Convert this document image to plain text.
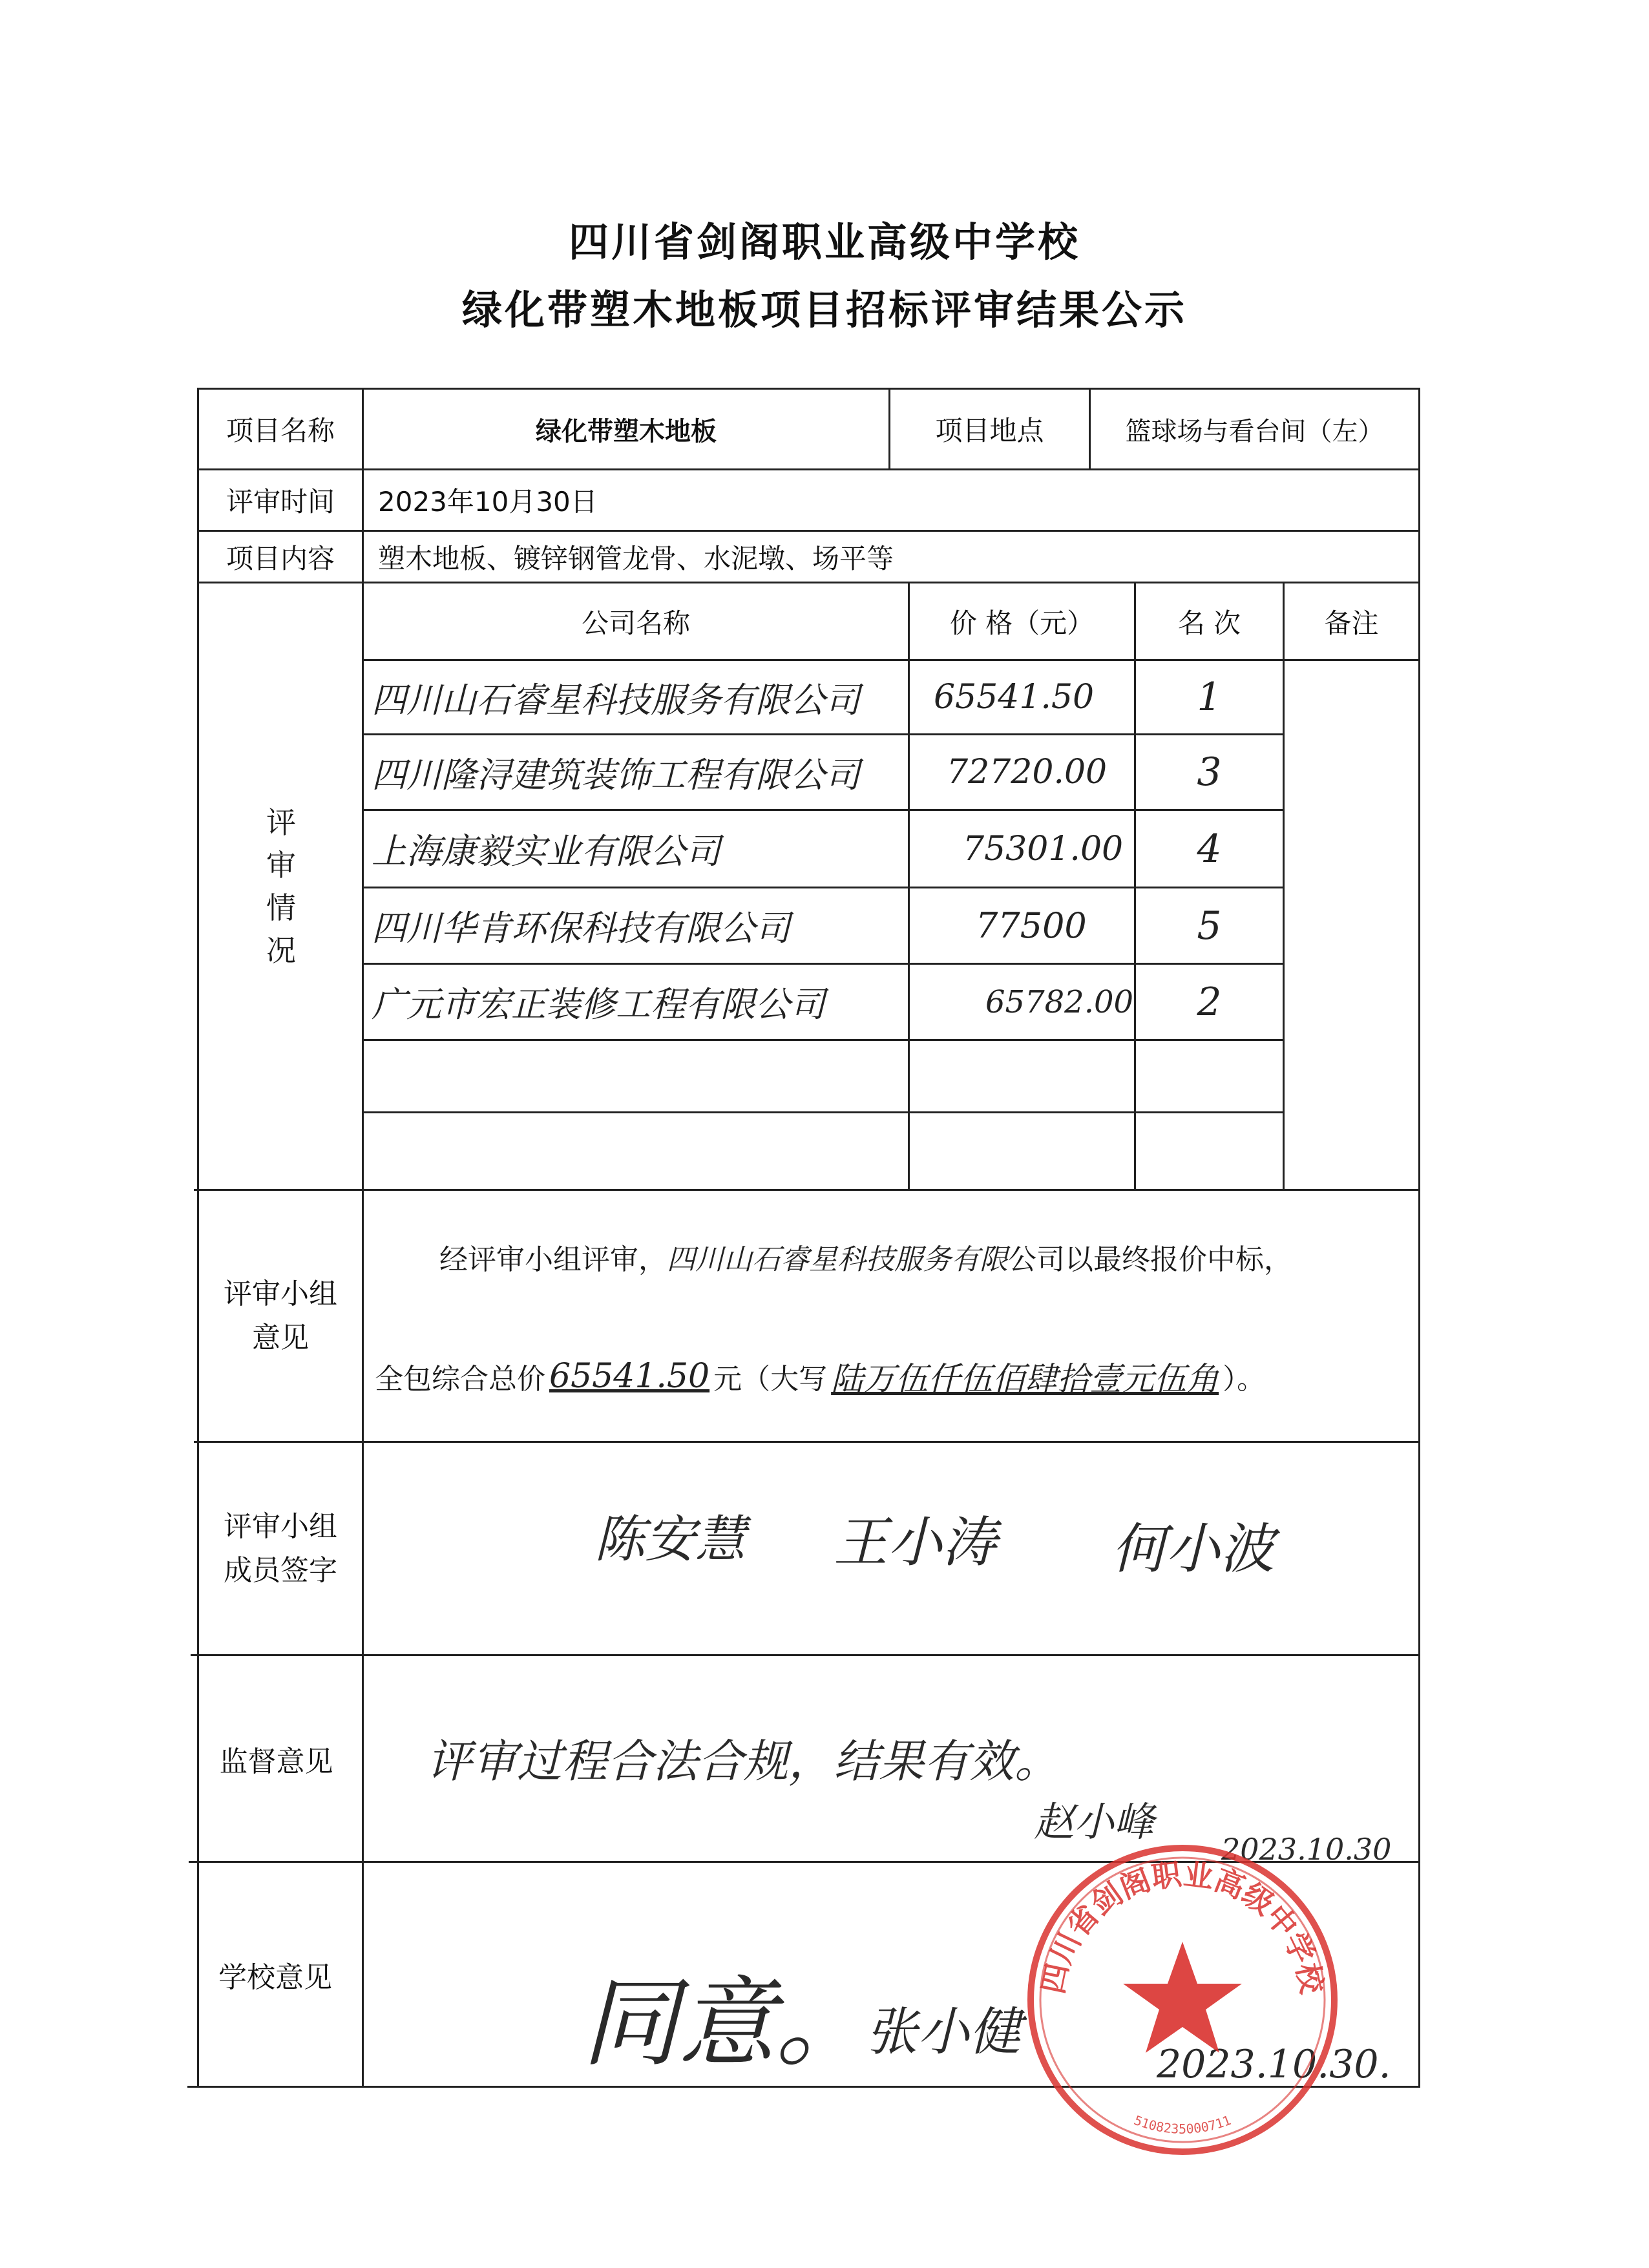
四川省剑阁职业高级中学校
绿化带塑木地板项目招标评审结果公示
项目名称	绿化带塑木地板	项目地点	篮球场与看台间（左）
评审时间	2023年10月30日
项目内容	塑木地板、镀锌钢管龙骨、水泥墩、场平等
评
审
情
况
公司名称	价 格（元）	名 次	备注
四川山石睿星科技服务有限公司	65541.50	1
四川隆浔建筑装饰工程有限公司	72720.00	3
上海康毅实业有限公司	75301.00	4
四川华肯环保科技有限公司	77500	5
广元市宏正装修工程有限公司	65782.00	2
评审小组意见
经评审小组评审， 四川山石睿星科技服务有限 公司以最终报价中标，
全包综合总价 65541.50 元（大写 陆万伍仟伍佰肆拾壹元伍角 ）。
评审小组成员签字
陈安慧 王小涛 何小波
监督意见	评审过程合法合规，结果有效。
赵小峰
2023.10.30
学校意见	同意。
张小健
2023.10.30.
四川省剑阁职业高级中学校
5108235000711
